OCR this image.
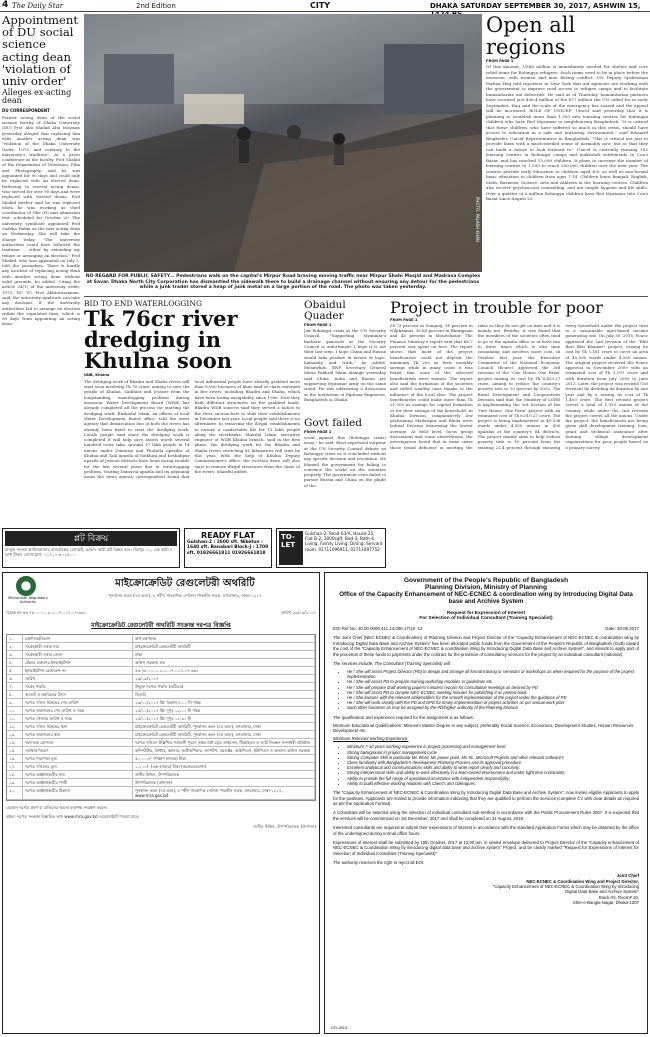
4 The Daily Star	2nd Edition	CITY	DHAKA SATURDAY SEPTEMBER 30, 2017, ASHWIN 15,
Appointment of DU social science acting dean 'violation of univ order'
Alleges ex-acting dean
DU CORRESPONDENT
Former acting dean of the social science faculty of Dhaka University (DU) Prof Abu Shahid Abu Mosman yesterday alleged that replacing him with another acting dean was "violation of the Dhaka University Order, 1973, and contrary to the university's tradition". At a press conference at the faculty, Prof Shahid of the Department of Television, Film and Photography, said he was appointed for 90 days and could only be replaced with an elected dean. Referring to several acting deans, who served for over 90 days and were replaced with elected deans, Prof Shahid further said he was replaced when he was working as chief coordinator of Ghe (H) unit admission test, scheduled for October 20. The university syndicate appointed Prof Sadeka Halim as the new acting dean on Wednesday. She will take the charge today. "The university authorities could have followed the tradition ... either by extending my tenure or arranging an election," Prof Shahid, who was appointed on July 2, told the journalists. There is hardly any incident of replacing acting dean with another acting dean without valid grounds, he added. Citing the article 24(1) of the university order, 1973, DU VC Prof Akhtaruzzaman, said, the university syndicate can take any decision, if the university authorities fail to arrange an election within the stipulated time, which is 90 days from appointing an acting dean.
PHOTO: PALASH KHAN
NO REGARD FOR PUBLIC SAFETY... Pedestrians walk on the capital's Mirpur Road braving moving traffic near Mirpur Shahi Masjid and Madrasa Complex at Savar. Dhaka North City Corporation has dismantled the sidewalk there to build a drainage channel without ensuring any detour for the pedestrians while a junk trader stored a heap of junk metal on a large portion of the road. The photo was taken yesterday.
Open all regions
FROM PAGE 1
Of this amount, US$6 million is immediately needed for shelter and core relief items for Rohingya refugees. Such items need to be in place before the monsoon, with women and men fleeing conflict. UN Deputy Spokesman Farhan Haq told reporters in New York that aid agencies are working with the government to improve road access to refugee camps and to facilitate humanitarian aid deliveries. He said as of Thursday, humanitarian partners have received just $36.4 million of the $77 million the UN called for in early September. Haq said the scale of the emergency has soared and the appeal will be increased. ROLE OF UNICEF: Unicef said yesterday that it is planning to establish more than 1,300 new learning centres for Rohingya children who have fled Myanmar to neighbouring Bangladesh. "It is critical that these children, who have suffered so much in this crisis, should have access to education in a safe and nurturing environment," said Edouard Beigbeder, Unicef Representative in Bangladesh. "This is critical not just to provide them with a much-needed sense of normality now, but so that they can build a future to look forward to." Unicef is currently running 182 learning centres in Rohingya camps and makeshift settlements in Cox's Bazar, and has reached 15,000 children. It plans to increase the number of learning centres to 1,500 to reach 200,000 children over the next year. The centres provide early education to children aged 4-6, as well as non-formal basic education to children from ages 7-14. Children learn Bengali, English, Math, Burmese, Science, Arts and Athletes in the learning centres. Children also receive psychosocial counselling, and are taught hygiene and life skills. Over a quarter of a million Rohingya children have fled Myanmar into Cox's Bazar since August 25.
BID TO END WATERLOGGING
Tk 76cr river dredging in Khulna soon
UNB, Khulna
The dredging work of Bhadra and Shalta rivers will start soon involving Tk 76 crore, aiming to save the people of Khulna, Satkhira and Jessore from the longstanding waterlogging problem during monsoon. Water Development Board (WDB) has already completed all the process for starting the dredging work. Rashedul Islam, an officer of local Water Development Board office, told the news agency that demarcation line of both the rivers has already been fixed to start the dredging work. Locals people said since the dredging work is completed it will help save assets worth several hundred crore taka. Around 17 lakh people in 14 unions under Dumuria and Phultala upazilas of Khulna and Tala upazila of Satkhira and Keshabpur upazila of Jessore districts have been facing trouble for the last several years due to waterlogging problem. Visiting Dumuria upazila and its adjoining areas the news agency correspondent found that local influential people have already grabbed more than 8,000 hectares of khas land of chars emerged in five rivers, including Bhadra and Shalta, which have been losing navigability since 1986. Now they built different structures on the grabbed lands. Bhadra WDB sources said they served a notice to the river encroachers to shift their establishments in December last year. Local people said there is no alternative to removing the illegal establishments to ensure a comfortable life for 13 lakh people along the riverbanks. Shariful Islam, executive engineer of WDB Khulna branch, said in the first phase, the dredging work for the Bhadra and Shalta rivers stretching 81 kilometres will start by this year. With the help of Khulna Deputy Commissioner's office, the eviction drive will also start to remove illegal structures from the chars of the rivers, Shariful added.
Obaidul Quader
FROM PAGE 1
Jan Rohingya crisis at the UN Security Council. "Supporting Myanmar's barbaric genocide at the Security Council is unfortunate. I hope it is not their last step. I hope China and Russia would take positive in favour of logic, humanity and truth," he added. Meanwhile, BNP Secretary General Mirza Fakhrul Islam Alamgir yesterday said China, India and Russia are supporting Myanmar army on the same stand. He was addressing a discussion at the Institution of Diploma Engineers, Bangladesh in Dhaka.
Govt failed
FROM PAGE 1
vocal against this (Rohingya crisis) issue," he said. Rizvi expressed surprise at the UN Security Council debate on Rohingya crisis as it concluded without any specific decision and resolution. He blamed the government for failing to convince the world on the situation properly. The government even failed to pursue Russia and China on the plight of the.
Project in trouble for poor
FROM PAGE 1
58.73 percent in Sunganj, 58 percent in Nilphamari, 39.84 percent in Bhurigram and 45 percent in Moulvibazar. The Finance Ministry's report said that 68.7 percent was spent on fees. The report shows that most of the project beneficiaries could not deposit the minimum Tk 200 as their monthly savings while in many cases it was found that none of the selected beneficiaries were women. The report also said the formation of the societies and called wealthy ones thanks to the influence of the local elite. The project beneficiaries could make more than Tk 21,000 as savings for capital formation or for their savings of the household. In Khulna Division, comparatively low performing Madaripur and Bhola were behind Division witnessing the lowest average. At field level, focus group discussions and some observations, the investigators found that in some cases those found deficient in meeting the rules as they do not get on time and it is mainly not. Besides, it was found that the members of the societies often tend to go to the upazila office or at least two to three times which is also time consuming and involves more cost. In October last year, the Executive Committee of the National Economic Council (Ecnec) approved the 3rd revision of the 'One House One Farm' project raising its cost by Tk 6,413.27 crore, aiming to reduce the country's poverty rate to 10 percent by 2020. The Rural Development and Cooperatives Division said that the Ministry of LGRD is implementing the 3rd Section of the 'One House, One Farm' project with an estimated cost of Tk 8,010.27 crore. The project is being implemented at 40,536 wards under 4,550 unions in 490 upazilas of the country's 64 districts. The project mainly aims to help reduce poverty rate to 10 percent from the existing 22.4 percent through ensuring every household under the project turn to a sustainable agro-based income generating one. On July 30, 2015, Ecnec approved the 2nd revision of the "Ekti Bari Ekti Khamar" project, raising its cost by Tk 3,161 crore to cover an area of 40,536 wards under 4,550 unions. The original project received the Ecnec approval in November 2009 with an estimated cost of Tk 1,197 crore and with duration from July 2009 to June 2013. Later, the project was revised (1st revision) by doubling its duration by one year and by a raising its cost of Tk 1,493 crore. The first revised project covers a total of 1,933 unions of the country while under the 2nd revision the project covers all the unions. Under the project, the beneficiaries are being given skill development training, loan, grant and technical assistance after forming village development organisations for poor people based on a primary survey.
প্লট বিক্রয়
রাজুক সংলগ্ন আমিনবাজার রাজউকের মেগাপ্লট, ৩/৫/৭ কাঠা প্লট বিক্রয় হবে। মিরপুর ১০, এক কাঠা ৮ লাখ টাকা। যোগাযোগ: ০১৭১১-৫০২৫০০
READY FLAT
Gulshan-2 : 2600 sft. Niketon : 1640 sft. Banabari Block-J : 1700 sft. 01926661811 01926661818
TO-LET
Gulshan-2, Road-63/A, House-25, Flat B-2, 2000sqft. Bed-3, Bath-4, Living, Family Living, Dining, Servant room. 01711096911, 01711097752
Microcredit Regulatory Authority
মাইক্রোক্রেডিট রেগুলেটরী অথরিটি
পুনর্বাসন ভবন (৭ম তলা), ৮ শহীদ সাংবাদিক সেলিনা পারভীন সড়ক, মগবাজার, ঢাকা-১২১৭
স্মারক নং-৫৩.৭৮.০০০০.২০১.০৭.০১৭.১৭-৩৩১	তারিখ ২৯/০৯/২০১৭
মাইক্রোক্রেডিট রেগুলেটরী অথরিটি সংক্রান্ত দরপত্র বিজ্ঞপ্তি
১.	মন্ত্রণালয়/বিভাগ	অর্থ মন্ত্রণালয়
২.	সংগ্রহকারী সত্তার নাম	মাইক্রোক্রেডিট রেগুলেটরী অথরিটি
৩.	সংগ্রহকারী সত্তার জেলা	ঢাকা
৪.	টেন্ডার প্রকাশের ইনভাইটেশন	অফিস সরঞ্জাম ক্রয়
৫.	ইনভাইটেশন রেফারেন্স নং	৫৩.৭৮.০০০০.২০১.০৭.০১৭.১৭-৩৩১
৬.	তারিখ	২৯/০৯/২০১৭
৭.	সংগ্রহ পদ্ধতি	উন্মুক্ত দরপত্র পদ্ধতি (ওটিএম)
৮.	বাজেট ও তহবিলের উৎস	জিওবি
৯.	দরপত্র দলিল বিক্রয়ের শেষ তারিখ	২৩/১০/২০১৭ খ্রি: বিকাল ৪.০০ টা পর্যন্ত
১০.	দরপত্র জমাদানের শেষ তারিখ ও সময়	২৪/১০/২০১৭ খ্রি: দুপুর ১২.০০ টা পর্যন্ত
১১.	দরপত্র খোলার তারিখ ও সময়	২৪/১০/২০১৭ খ্রি: দুপুর ১২.৩০ টা
১২.	দরপত্র দলিল বিক্রয়ের স্থান	মাইক্রোক্রেডিট রেগুলেটরী অথরিটি, পুনর্বাসন ভবন (৭ম তলা), মগবাজার, ঢাকা
১৩.	দরপত্র জমাদানের স্থান	মাইক্রোক্রেডিট রেগুলেটরী অথরিটি, পুনর্বাসন ভবন (৭ম তলা), মগবাজার, ঢাকা
১৪.	দরদাতার যোগ্যতা	দরপত্র দলিলে উল্লিখিত শর্তাবলী পূরণে সক্ষম বৈধ ট্রেড লাইসেন্স, টিআইএন ও ভ্যাট নিবন্ধন সনদধারী প্রতিষ্ঠান
১৫.	সংক্ষিপ্ত বিবরণ	কম্পিউটার, প্রিন্টার, স্ক্যানার, ফটোকপিয়ার, ল্যাপটপ, প্রজেক্টর, আইপিএস, ইউপিএস ও অন্যান্য অফিস সরঞ্জাম
১৬.	দরপত্র নিরাপত্তা মূল্য	৫০,০০০/- (পঞ্চাশ হাজার) টাকা
১৭.	দরপত্র দলিলের মূল্য	১,০০০/- (এক হাজার) টাকা (অফেরতযোগ্য)
১৮.	দরপত্র আহ্বানকারীর নাম	জসীম উদ্দিন, উপপরিচালক
১৯.	দরপত্র আহ্বানকারীর পদবী	উপপরিচালক (প্রশাসন)
২০.	দরপত্র আহ্বানকারীর ঠিকানা	পুনর্বাসন ভবন (৭ম তলা), ৮ শহীদ সাংবাদিক সেলিনা পারভীন সড়ক, মগবাজার, ঢাকা-১২১৭, www.mra.gov.bd
যেকোন দরপত্র গ্রহণ বা বাতিলের ক্ষমতা কর্তৃপক্ষ সংরক্ষণ করেন।
দ্রষ্টব্য: দরপত্র সংক্রান্ত বিস্তারিত তথ্য www.mra.gov.bd ওয়েবসাইটে পাওয়া যাবে।
জসীম উদ্দিন, উপপরিচালক (প্রশাসন)
Government of the People's Republic of Bangladesh
Planning Division, Ministry of Planning
Office of the Capacity Enhancement of NEC-ECNEC & coordination wing by Introducing Digital Data base and Archive System
Request for Expression of Interest
For Selection of Individual Consultant (Training Specialist)
EOI Ref No: 20.00.0000.411.14.006.17/18 -13	Date: 30.09.2017
The Joint Chief (NEC-ECNEC & Coordination) of Planning Division and Project Director of the "Capacity Enhancement of NEC-ECNEC & coordination wing by Introducing Digital Data Base and Archive System" has been allocated public funds from the Government of the People's Republic of Bangladesh (GoB) toward the cost of the "Capacity Enhancement of NEC-ECNEC & coordination Wing by Introducing Digital Data Base and Archive System", and intends to apply part of the proceeds of these funds to payments under the contract for the provision of consultancy services for the project by an individual consultant (national).
The services include: The Consultant (Training Specialist) will:
• He / She will assist Project Director (PD) to design and arrange all formal training or seminars or workshops as when required for the purpose of the project implementation.
• He / She will assist PD to prepare training workshop modules or guidelines etc.
• He / She will prepare draft working papers/ minutes/ reports for consultative meetings as desired by PD
• He / She will assist PD to compile NEC-ECNEC meeting minutes for publishing it as printed book.
• He / She liaisons with the relevant stakeholders for the smooth implementation of the project under the guidance of PD
• He / She will work closely with the PD and DPD for timely implementation of project activities as per annual work plan
• Such other functions as may be assigned by the PD/higher authority of the Planning Division
The qualification and experience required for the assignment is as follows:
Minimum Educational Qualifications: Minimum Master Degree in any subject, preferably Social Science, Economics, Development Studies, Human Resources Development etc.
Minimum Relevant working Experience:
• Minimum 7-10 years working experience in project processing and management level.
• Strong background in project management cycle
• Strong Computer Skill in particular Ms Word, Ms power point, Ms-XL, Microsoft Projects and other relevant software's
• Close familiarity with Bangladesh's development Planning Process and its approval procedure.
• Excellent analytical and communications skills and ability to write report clearly and concisely;
• Strong interpersonal skills and ability to work effectively in a team-based environment and under tight time constraints;
• Ability to provide the full range of operational assistance with independent responsibility;
• Ability to build effective working relations with Client's and colleagues.
The "Capacity Enhancement of NEC-ECNEC & Coordination Wing by Introducing Digital Data Base and Archive System", now invites eligible Applicants to apply for the positions. Applicants are invited to provide information indicating that they are qualified to perform the services (complete CV with clear details as required as per the Application Format).
A Consultant will be selected using the selection of individual consultant sub-method in accordance with the Public Procurement Rules 2007. It is expected that the services will be commenced on 1st December, 2017 and shall be completed on 31 August, 2019.
Interested consultants are required to submit their expressions of interest in accordance with the standard Application Forms which may be obtained by the office of the undersigned during normal office hours.
Expressions of Interest shall be submitted by 19th October, 2017 at 12:00 pm, in sealed envelope delivered to Project Director of the "Capacity enhancement of NEC-ECNEC & Coordination Wing by introducing digital data base and archive system" Project, and be clearly marked "Request for Expressions of Interest for Selection of Individual Consultant (Training Specialist)"
The authority reserves the right to reject all EOI.
Joint Chief
NEC-ECNEC & Coordination Wing and Project Director,
"Capacity Enhancement of NEC-ECNEC & Coordination Wing by Introducing Digital Data Base and Archive System"
Block-#2, Room# 10,
Sher-e-Bangla Nagar, Dhaka-1207
GD-2813
